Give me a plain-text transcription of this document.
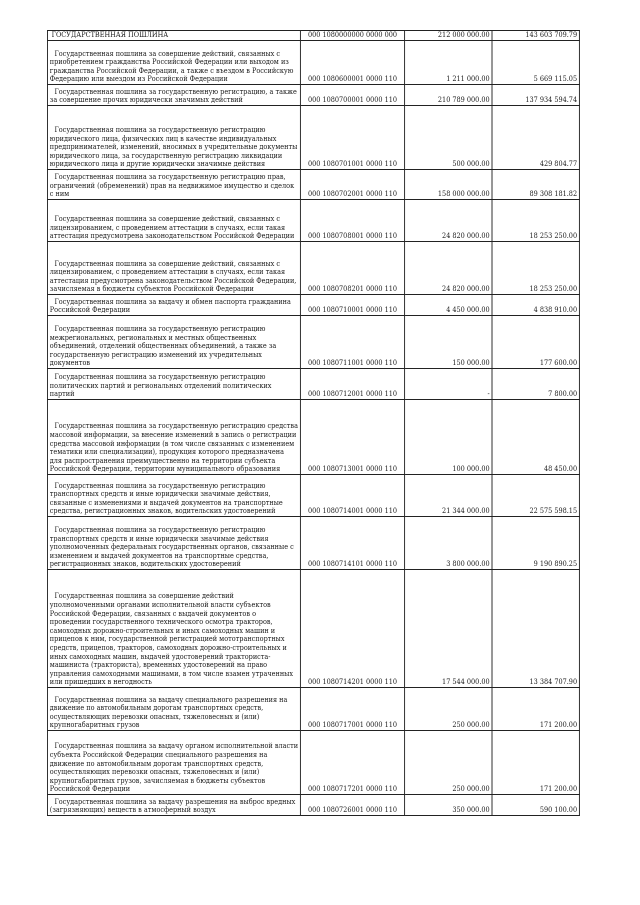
ГОСУДАРСТВЕННАЯ ПОШЛИНА	000 1080000000 0000 000	212 000 000.00	143 603 709.79
Государственная пошлина за совершение действий, связанных с приобретением гражданства Российской Федерации или выходом из гражданства Российской Федерации, а также с въездом в Российскую Федерацию или выездом из Российской Федерации	000 1080600001 0000 110	1 211 000.00	5 669 115.05
Государственная пошлина за государственную регистрацию, а также за совершение прочих юридически значимых действий	000 1080700001 0000 110	210 789 000.00	137 934 594.74
Государственная пошлина за государственную регистрацию юридического лица, физических лиц в качестве индивидуальных предпринимателей, изменений, вносимых в учредительные документы юридического лица, за государственную регистрацию ликвидации юридического лица и другие юридически значимые действия	000 1080701001 0000 110	500 000.00	429 804.77
Государственная пошлина за государственную регистрацию прав, ограничений (обременений) прав на недвижимое имущество и сделок с ним	000 1080702001 0000 110	158 000 000.00	89 308 181.82
Государственная пошлина за совершение действий, связанных с лицензированием, с проведением аттестации в случаях, если такая аттестация предусмотрена законодательством Российской Федерации	000 1080708001 0000 110	24 820 000.00	18 253 250.00
Государственная пошлина за совершение действий, связанных с лицензированием, с проведением аттестации в случаях, если такая аттестация предусмотрена законодательством Российской Федерации, зачисляемая в бюджеты субъектов Российской Федерации	000 1080708201 0000 110	24 820 000.00	18 253 250.00
Государственная пошлина за выдачу и обмен паспорта гражданина Российской Федерации	000 1080710001 0000 110	4 450 000.00	4 838 910.00
Государственная пошлина за государственную регистрацию межрегиональных, региональных и местных общественных объединений, отделений общественных объединений, а также за государственную регистрацию изменений их учредительных документов	000 1080711001 0000 110	150 000.00	177 600.00
Государственная пошлина за государственную регистрацию политических партий и региональных отделений политических партий	000 1080712001 0000 110	-	7 800.00
Государственная пошлина за государственную регистрацию средства массовой информации, за внесение изменений в запись о регистрации средства массовой информации (в том числе связанных с изменением тематики или специализации), продукция которого предназначена для распространения преимущественно на территории субъекта Российской Федерации, территории муниципального образования	000 1080713001 0000 110	100 000.00	48 450.00
Государственная пошлина за государственную регистрацию транспортных средств и иные юридически значимые действия, связанные с изменениями и выдачей документов на транспортные средства, регистрационных знаков, водительских удостоверений	000 1080714001 0000 110	21 344 000.00	22 575 598.15
Государственная пошлина за государственную регистрацию транспортных средств и иные юридически значимые действия уполномоченных федеральных государственных органов, связанные с изменением и выдачей документов на транспортные средства, регистрационных знаков, водительских удостоверений	000 1080714101 0000 110	3 800 000.00	9 190 890.25
Государственная пошлина за совершение действий уполномоченными органами исполнительной власти субъектов Российской Федерации, связанных с выдачей документов о проведении государственного технического осмотра тракторов, самоходных дорожно-строительных и иных самоходных машин и прицепов к ним, государственной регистрацией мототранспортных средств, прицепов, тракторов, самоходных дорожно-строительных и иных самоходных машин, выдачей удостоверений тракториста-машиниста (тракториста), временных удостоверений на право управления самоходными машинами, в том числе взамен утраченных или пришедших в негодность	000 1080714201 0000 110	17 544 000.00	13 384 707.90
Государственная пошлина за выдачу специального разрешения на движение по автомобильным дорогам транспортных средств, осуществляющих перевозки опасных, тяжеловесных и (или) крупногабаритных грузов	000 1080717001 0000 110	250 000.00	171 200.00
Государственная пошлина за выдачу органом исполнительной власти субъекта Российской Федерации специального разрешения на движение по автомобильным дорогам транспортных средств, осуществляющих перевозки опасных, тяжеловесных и (или) крупногабаритных грузов, зачисляемая в бюджеты субъектов Российской Федерации	000 1080717201 0000 110	250 000.00	171 200.00
Государственная пошлина за выдачу разрешения на выброс вредных (загрязняющих) веществ в атмосферный воздух	000 1080726001 0000 110	350 000.00	590 100.00
